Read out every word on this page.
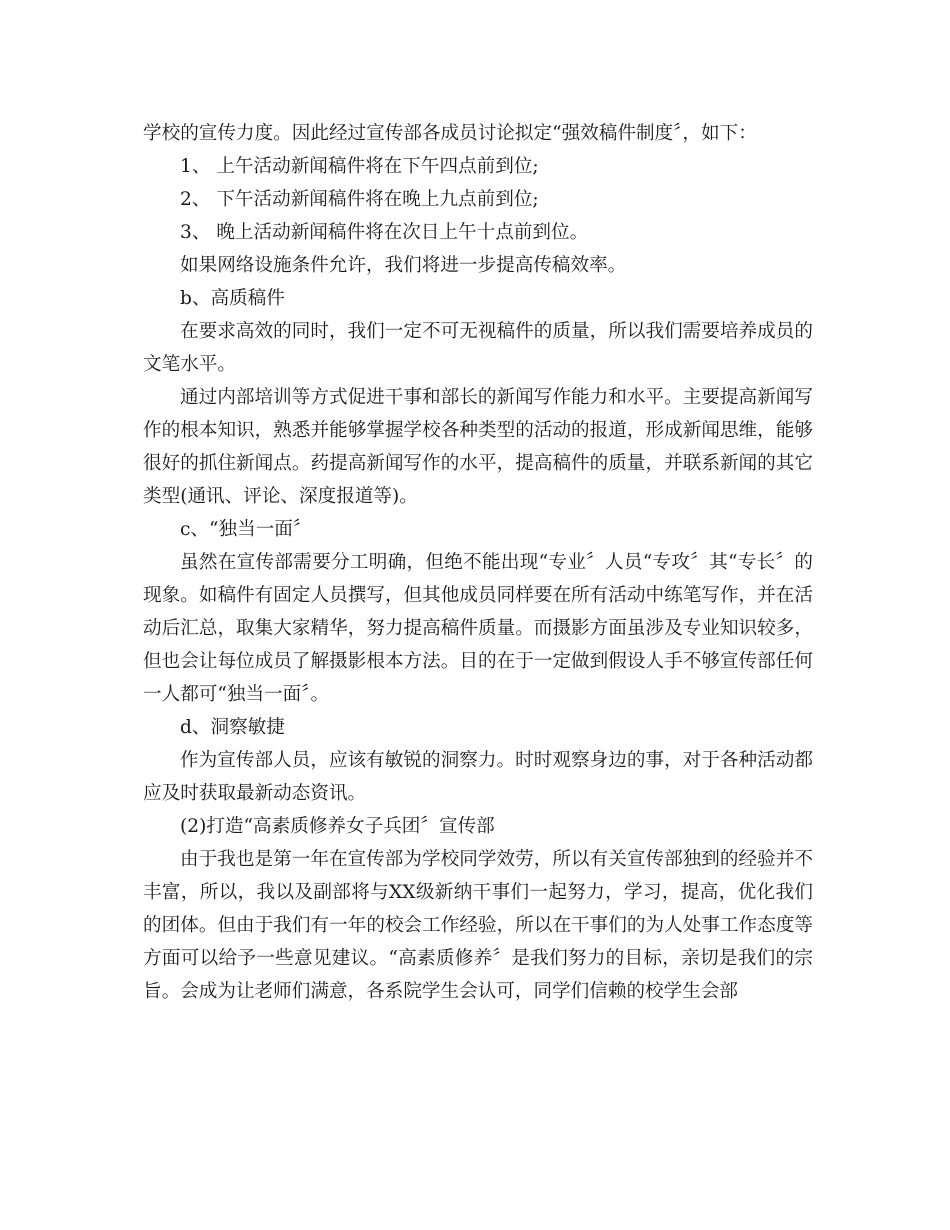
学校的宣传力度。因此经过宣传部各成员讨论拟定“强效稿件制度〞，如下：

1、 上午活动新闻稿件将在下午四点前到位;

2、 下午活动新闻稿件将在晚上九点前到位;

3、 晚上活动新闻稿件将在次日上午十点前到位。

如果网络设施条件允许，我们将进一步提高传稿效率。

b、高质稿件

在要求高效的同时，我们一定不可无视稿件的质量，所以我们需要培养成员的文笔水平。

通过内部培训等方式促进干事和部长的新闻写作能力和水平。主要提高新闻写作的根本知识，熟悉并能够掌握学校各种类型的活动的报道，形成新闻思维，能够很好的抓住新闻点。药提高新闻写作的水平，提高稿件的质量，并联系新闻的其它类型(通讯、评论、深度报道等)。

c、“独当一面〞

虽然在宣传部需要分工明确，但绝不能出现“专业〞人员“专攻〞其“专长〞的现象。如稿件有固定人员撰写，但其他成员同样要在所有活动中练笔写作，并在活动后汇总，取集大家精华，努力提高稿件质量。而摄影方面虽涉及专业知识较多，但也会让每位成员了解摄影根本方法。目的在于一定做到假设人手不够宣传部任何一人都可“独当一面〞。

d、洞察敏捷

作为宣传部人员，应该有敏锐的洞察力。时时观察身边的事，对于各种活动都应及时获取最新动态资讯。

(2)打造“高素质修养女子兵团〞宣传部

由于我也是第一年在宣传部为学校同学效劳，所以有关宣传部独到的经验并不丰富，所以，我以及副部将与XX级新纳干事们一起努力，学习，提高，优化我们的团体。但由于我们有一年的校会工作经验，所以在干事们的为人处事工作态度等方面可以给予一些意见建议。“高素质修养〞是我们努力的目标，亲切是我们的宗旨。会成为让老师们满意，各系院学生会认可，同学们信赖的校学生会部
